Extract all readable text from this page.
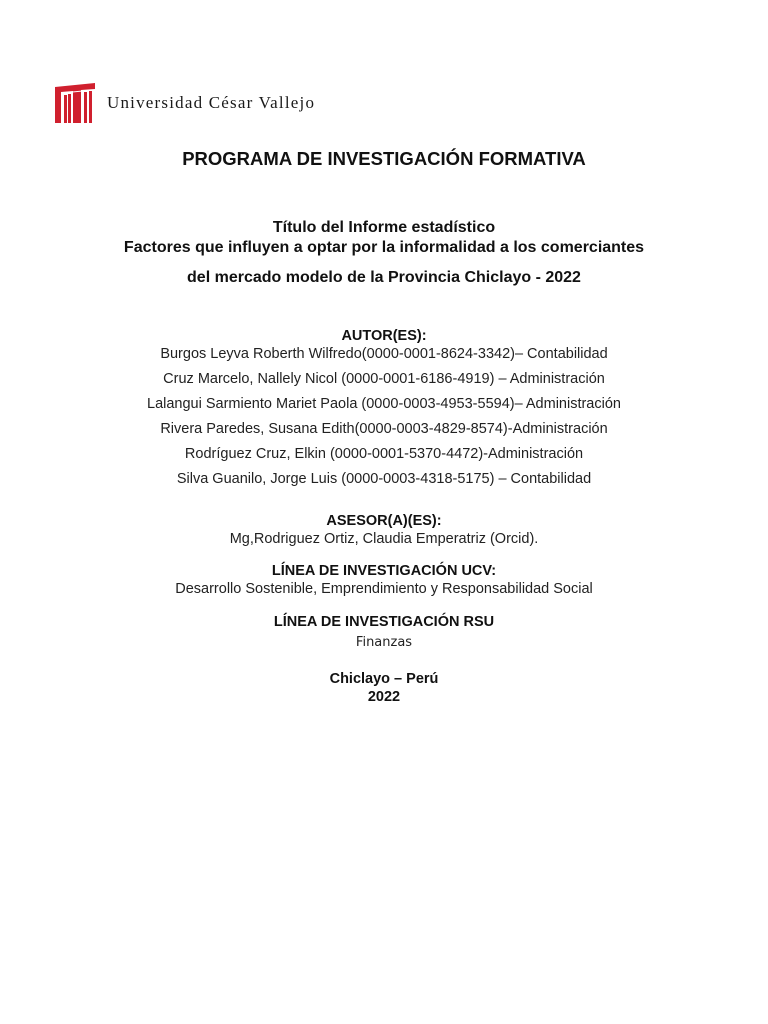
Universidad César Vallejo
PROGRAMA DE INVESTIGACIÓN FORMATIVA
Título del Informe estadístico
Factores que influyen a optar por la informalidad a los comerciantes
del mercado modelo de la Provincia Chiclayo - 2022
AUTOR(ES):
Burgos Leyva Roberth Wilfredo(0000-0001-8624-3342)– Contabilidad
Cruz Marcelo, Nallely Nicol (0000-0001-6186-4919) – Administración
Lalangui Sarmiento Mariet Paola (0000-0003-4953-5594)– Administración
Rivera Paredes, Susana Edith(0000-0003-4829-8574)-Administración
Rodríguez Cruz, Elkin (0000-0001-5370-4472)-Administración
Silva Guanilo, Jorge Luis (0000-0003-4318-5175) – Contabilidad
ASESOR(A)(ES):
Mg,Rodriguez Ortiz, Claudia Emperatriz (Orcid).
LÍNEA DE INVESTIGACIÓN UCV:
Desarrollo Sostenible, Emprendimiento y Responsabilidad Social
LÍNEA DE INVESTIGACIÓN RSU
Finanzas
Chiclayo – Perú
2022
